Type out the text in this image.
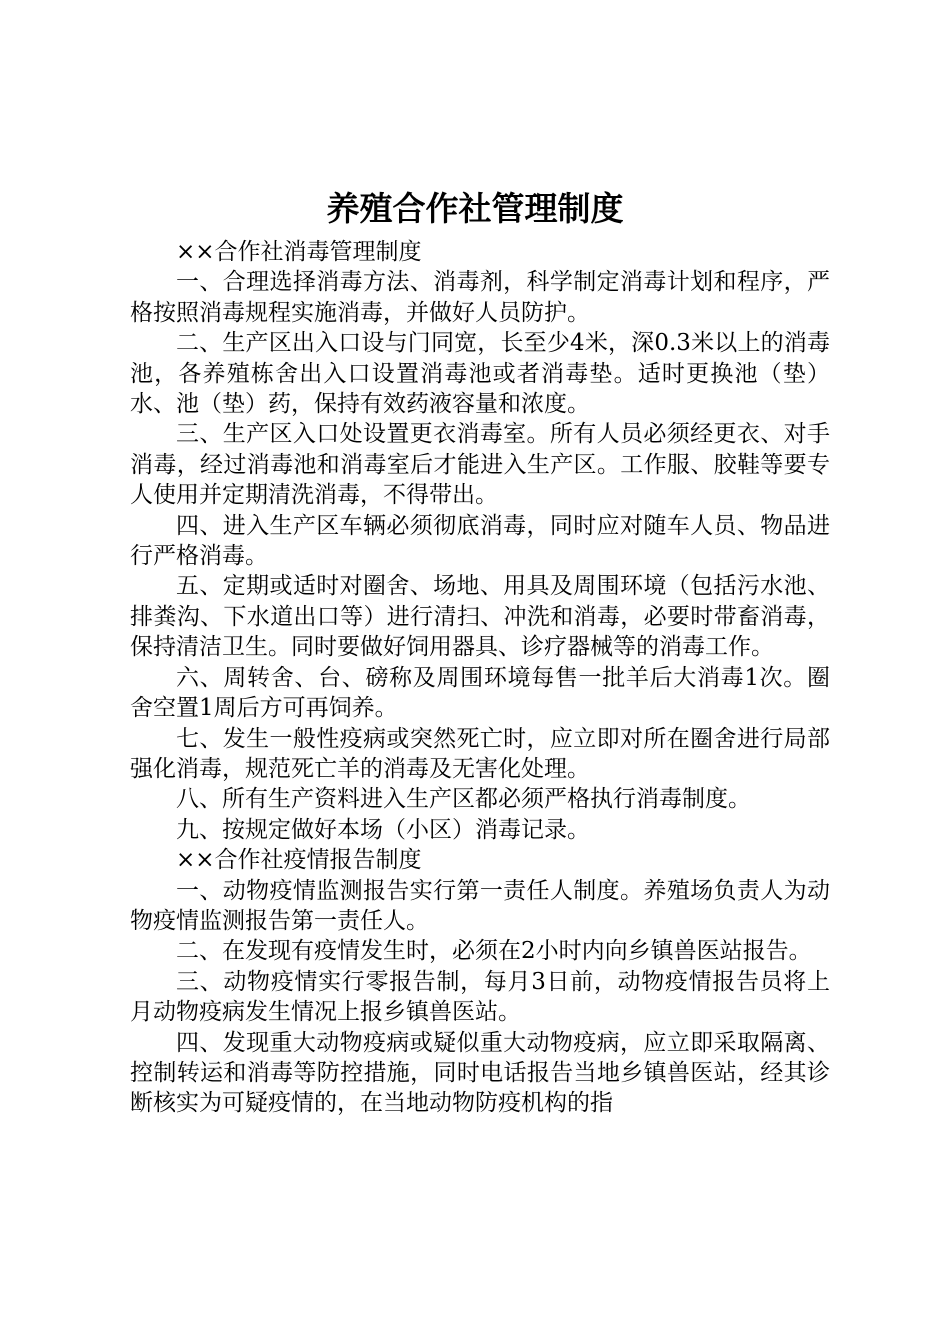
养殖合作社管理制度

××合作社消毒管理制度

一、合理选择消毒方法、消毒剂，科学制定消毒计划和程序，严格按照消毒规程实施消毒，并做好人员防护。

二、生产区出入口设与门同宽，长至少4米，深0.3米以上的消毒池，各养殖栋舍出入口设置消毒池或者消毒垫。适时更换池（垫）水、池（垫）药，保持有效药液容量和浓度。

三、生产区入口处设置更衣消毒室。所有人员必须经更衣、对手消毒，经过消毒池和消毒室后才能进入生产区。工作服、胶鞋等要专人使用并定期清洗消毒，不得带出。

四、进入生产区车辆必须彻底消毒，同时应对随车人员、物品进行严格消毒。

五、定期或适时对圈舍、场地、用具及周围环境（包括污水池、排粪沟、下水道出口等）进行清扫、冲洗和消毒，必要时带畜消毒，保持清洁卫生。同时要做好饲用器具、诊疗器械等的消毒工作。

六、周转舍、台、磅称及周围环境每售一批羊后大消毒1次。圈舍空置1周后方可再饲养。

七、发生一般性疫病或突然死亡时，应立即对所在圈舍进行局部强化消毒，规范死亡羊的消毒及无害化处理。

八、所有生产资料进入生产区都必须严格执行消毒制度。

九、按规定做好本场（小区）消毒记录。

××合作社疫情报告制度

一、动物疫情监测报告实行第一责任人制度。养殖场负责人为动物疫情监测报告第一责任人。

二、在发现有疫情发生时，必须在2小时内向乡镇兽医站报告。

三、动物疫情实行零报告制，每月3日前，动物疫情报告员将上月动物疫病发生情况上报乡镇兽医站。

四、发现重大动物疫病或疑似重大动物疫病，应立即采取隔离、控制转运和消毒等防控措施，同时电话报告当地乡镇兽医站，经其诊断核实为可疑疫情的，在当地动物防疫机构的指
